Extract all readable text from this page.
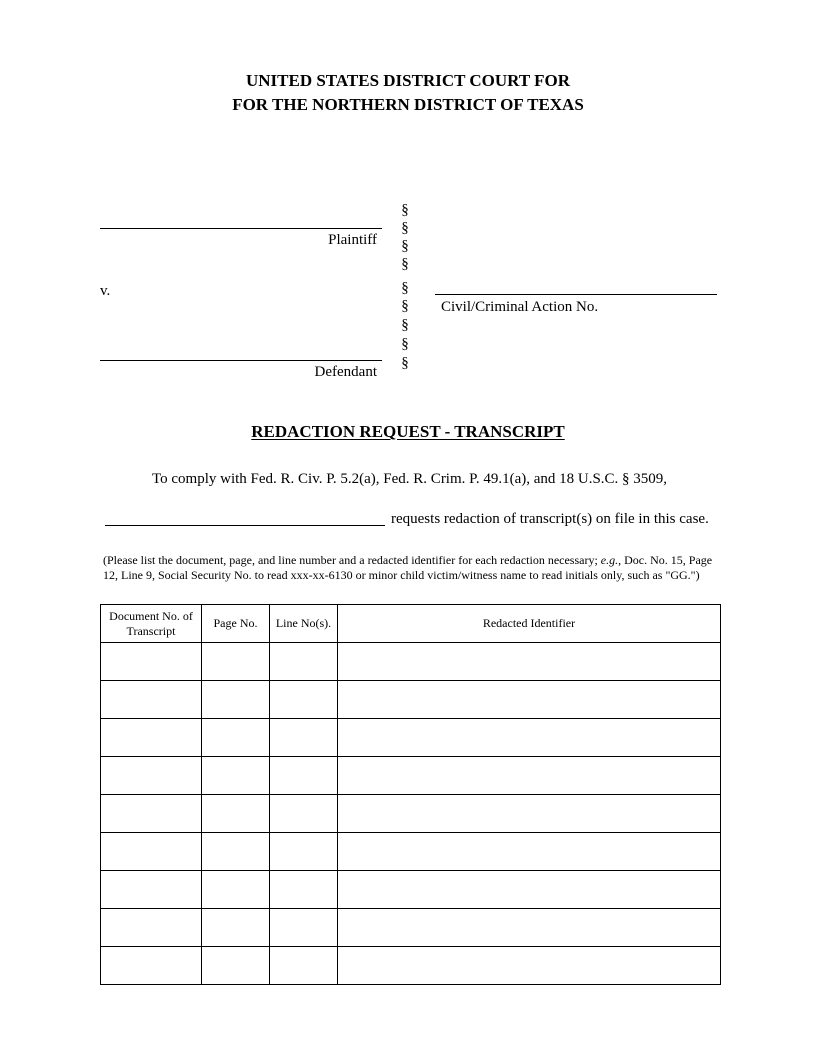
UNITED STATES DISTRICT COURT FOR
FOR THE NORTHERN DISTRICT OF TEXAS
Plaintiff
v.
Defendant
§
§
§
§
§
§
§
§
§
Civil/Criminal Action No.
REDACTION REQUEST - TRANSCRIPT
To comply with Fed. R. Civ. P. 5.2(a), Fed. R. Crim. P. 49.1(a), and 18 U.S.C. § 3509,
requests redaction of transcript(s) on file in this case.
(Please list the document, page, and line number and a redacted identifier for each redaction necessary; e.g., Doc. No. 15, Page 12, Line 9, Social Security No. to read xxx-xx-6130 or minor child victim/witness name to read initials only, such as "GG.")
Document No. of Transcript	Page No.	Line No(s).	Redacted Identifier
